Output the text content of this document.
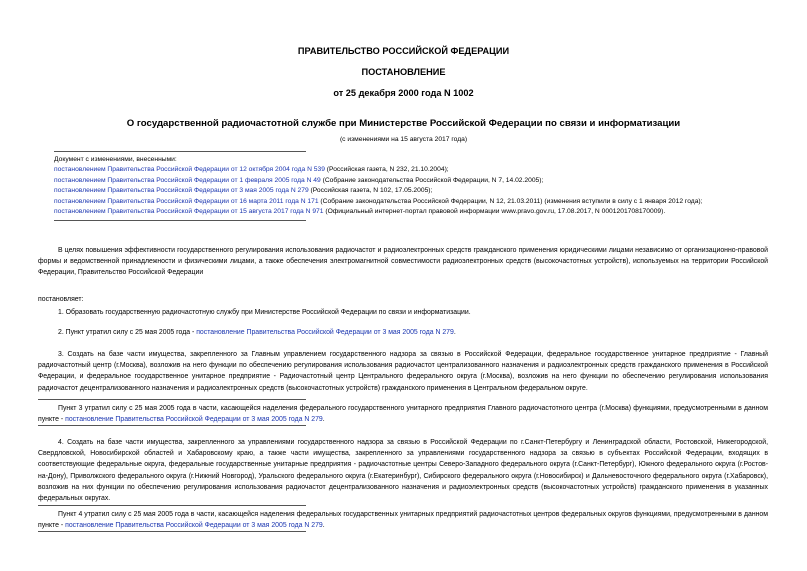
ПРАВИТЕЛЬСТВО РОССИЙСКОЙ ФЕДЕРАЦИИ
ПОСТАНОВЛЕНИЕ
от 25 декабря 2000 года N 1002
О государственной радиочастотной службе при Министерстве Российской Федерации по связи и информатизации
(с изменениями на 15 августа 2017 года)
Документ с изменениями, внесенными:
постановлением Правительства Российской Федерации от 12 октября 2004 года N 539 (Российская газета, N 232, 21.10.2004);
постановлением Правительства Российской Федерации от 1 февраля 2005 года N 49 (Собрание законодательства Российской Федерации, N 7, 14.02.2005);
постановлением Правительства Российской Федерации от 3 мая 2005 года N 279 (Российская газета, N 102, 17.05.2005);
постановлением Правительства Российской Федерации от 16 марта 2011 года N 171 (Собрание законодательства Российской Федерации, N 12, 21.03.2011) (изменения вступили в силу с 1 января 2012 года);
постановлением Правительства Российской Федерации от 15 августа 2017 года N 971 (Официальный интернет-портал правовой информации www.pravo.gov.ru, 17.08.2017, N 0001201708170009).
В целях повышения эффективности государственного регулирования использования радиочастот и радиоэлектронных средств гражданского применения юридическими лицами независимо от организационно-правовой формы и ведомственной принадлежности и физическими лицами, а также обеспечения электромагнитной совместимости радиоэлектронных средств (высокочастотных устройств), используемых на территории Российской Федерации, Правительство Российской Федерации
постановляет:
1. Образовать государственную радиочастотную службу при Министерстве Российской Федерации по связи и информатизации.
2. Пункт утратил силу с 25 мая 2005 года - постановление Правительства Российской Федерации от 3 мая 2005 года N 279.
3. Создать на базе части имущества, закрепленного за Главным управлением государственного надзора за связью в Российской Федерации, федеральное государственное унитарное предприятие - Главный радиочастотный центр (г.Москва), возложив на него функции по обеспечению регулирования использования радиочастот централизованного назначения и радиоэлектронных средств гражданского применения в Российской Федерации, и федеральное государственное унитарное предприятие - Радиочастотный центр Центрального федерального округа (г.Москва), возложив на него функции по обеспечению регулирования использования радиочастот децентрализованного назначения и радиоэлектронных средств (высокочастотных устройств) гражданского применения в Центральном федеральном округе.
Пункт 3 утратил силу с 25 мая 2005 года в части, касающейся наделения федерального государственного унитарного предприятия Главного радиочастотного центра (г.Москва) функциями, предусмотренными в данном пункте - постановление Правительства Российской Федерации от 3 мая 2005 года N 279.
4. Создать на базе части имущества, закрепленного за управлениями государственного надзора за связью в Российской Федерации по г.Санкт-Петербургу и Ленинградской области, Ростовской, Нижегородской, Свердловской, Новосибирской областей и Хабаровскому краю, а также части имущества, закрепленного за управлениями государственного надзора за связью в субъектах Российской Федерации, входящих в соответствующие федеральные округа, федеральные государственные унитарные предприятия - радиочастотные центры Северо-Западного федерального округа (г.Санкт-Петербург), Южного федерального округа (г.Ростов-на-Дону), Приволжского федерального округа (г.Нижний Новгород), Уральского федерального округа (г.Екатеринбург), Сибирского федерального округа (г.Новосибирск) и Дальневосточного федерального округа (г.Хабаровск), возложив на них функции по обеспечению регулирования использования радиочастот децентрализованного назначения и радиоэлектронных средств (высокочастотных устройств) гражданского применения в указанных федеральных округах.
Пункт 4 утратил силу с 25 мая 2005 года в части, касающейся наделения федеральных государственных унитарных предприятий радиочастотных центров федеральных округов функциями, предусмотренными в данном пункте - постановление Правительства Российской Федерации от 3 мая 2005 года N 279.
